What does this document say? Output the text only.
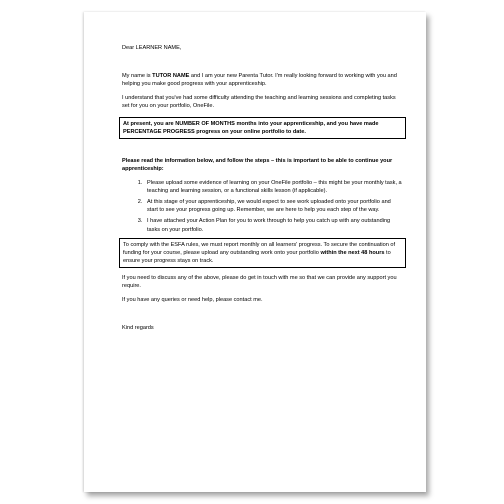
Dear LEARNER NAME,

My name is TUTOR NAME and I am your new Parenta Tutor. I'm really looking forward to working with you and helping you make good progress with your apprenticeship.

I understand that you've had some difficulty attending the teaching and learning sessions and completing tasks set for you on your portfolio, OneFile.

At present, you are NUMBER OF MONTHS months into your apprenticeship, and you have made PERCENTAGE PROGRESS progress on your online portfolio to date.

Please read the information below, and follow the steps – this is important to be able to continue your apprenticeship:

1. Please upload some evidence of learning on your OneFile portfolio – this might be your monthly task, a teaching and learning session, or a functional skills lesson (if applicable).
2. At this stage of your apprenticeship, we would expect to see work uploaded onto your portfolio and start to see your progress going up. Remember, we are here to help you each step of the way.
3. I have attached your Action Plan for you to work through to help you catch up with any outstanding tasks on your portfolio.

To comply with the ESFA rules, we must report monthly on all learners' progress. To secure the continuation of funding for your course, please upload any outstanding work onto your portfolio within the next 48 hours to ensure your progress stays on track.

If you need to discuss any of the above, please do get in touch with me so that we can provide any support you require.

If you have any queries or need help, please contact me.

Kind regards
